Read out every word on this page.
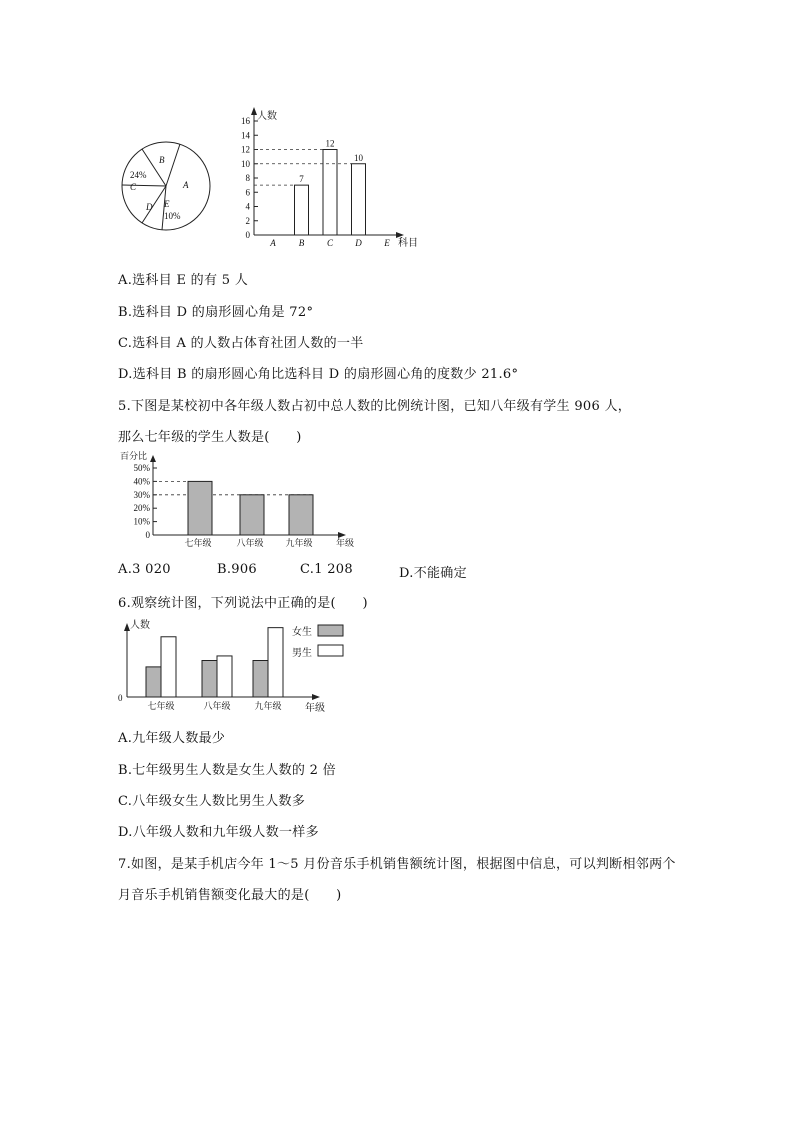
B
A
24%
C
D E
10%
人数
科目
0
2
4
6
8
10
12
14
16
7
12
10
A	B	C D	E
百分比
年级
0
10%
20%
30%
40%
50%
七年级	八年级 九年级
人数
0
年级
七年级	八年级	九年级
女生
男生
A.选科目 E 的有 5 人
B.选科目 D 的扇形圆心角是 72°
C.选科目 A 的人数占体育社团人数的一半
D.选科目 B 的扇形圆心角比选科目 D 的扇形圆心角的度数少 21.6°
5.下图是某校初中各年级人数占初中总人数的比例统计图，已知八年级有学生 906 人，
那么七年级的学生人数是(　　)
A.3 020	B.906	C.1 208	D.不能确定
6.观察统计图，下列说法中正确的是(　　)
A.九年级人数最少
B.七年级男生人数是女生人数的 2 倍
C.八年级女生人数比男生人数多
D.八年级人数和九年级人数一样多
7.如图，是某手机店今年 1～5 月份音乐手机销售额统计图，根据图中信息，可以判断相邻两个
月音乐手机销售额变化最大的是(　　)
